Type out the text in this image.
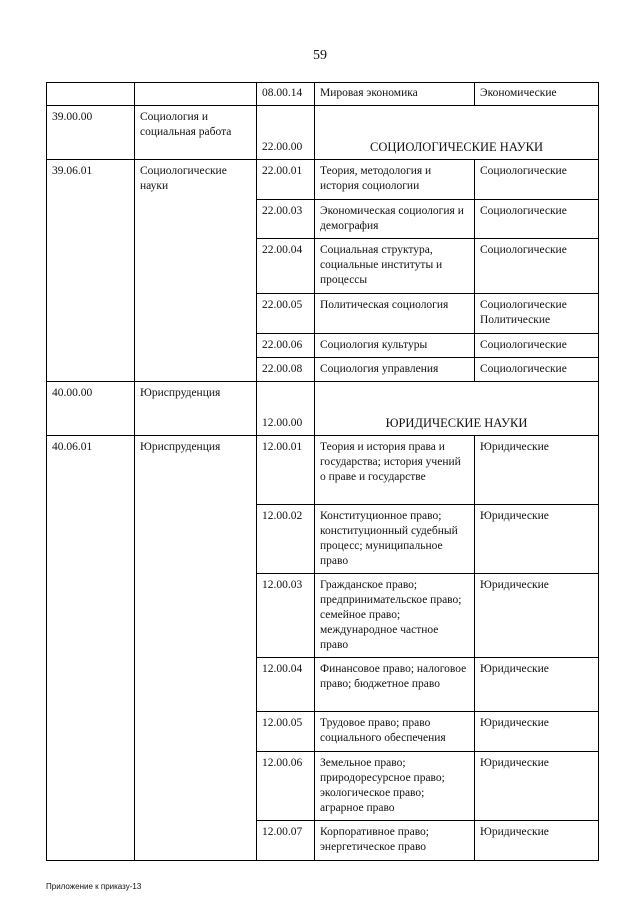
59
		08.00.14	Мировая экономика	Экономические
39.00.00	Социология и социальная работа	22.00.00	СОЦИОЛОГИЧЕСКИЕ НАУКИ	
39.06.01	Социологические науки	22.00.01	Теория, методология и история социологии	Социологические
		22.00.03	Экономическая социология и демография	Социологические
		22.00.04	Социальная структура, социальные институты и процессы	Социологические
		22.00.05	Политическая социология	Социологические Политические
		22.00.06	Социология культуры	Социологические
		22.00.08	Социология управления	Социологические
40.00.00	Юриспруденция	12.00.00	ЮРИДИЧЕСКИЕ НАУКИ	
40.06.01	Юриспруденция	12.00.01	Теория и история права и государства; история учений о праве и государстве	Юридические
		12.00.02	Конституционное право; конституционный судебный процесс; муниципальное право	Юридические
		12.00.03	Гражданское право; предпринимательское право; семейное право; международное частное право	Юридические
		12.00.04	Финансовое право; налоговое право; бюджетное право	Юридические
		12.00.05	Трудовое право; право социального обеспечения	Юридические
		12.00.06	Земельное право; природоресурсное право; экологическое право; аграрное право	Юридические
		12.00.07	Корпоративное право; энергетическое право	Юридические
Приложение к приказу-13
